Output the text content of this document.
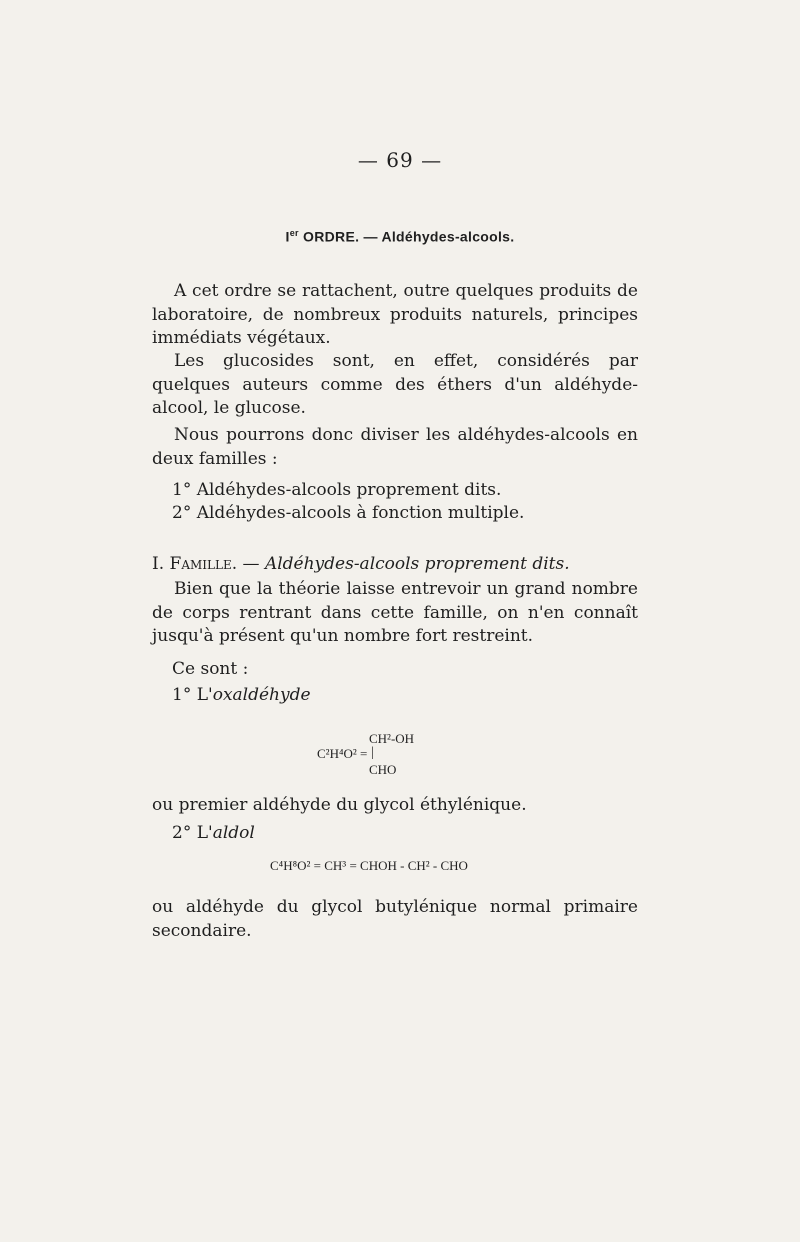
— 69 —
Ier ORDRE. — Aldéhydes-alcools.
A cet ordre se rattachent, outre quelques produits de laboratoire, de nombreux produits naturels, principes immédiats végétaux.
Les glucosides sont, en effet, considérés par quelques auteurs comme des éthers d'un aldéhyde-alcool, le glucose.
Nous pourrons donc diviser les aldéhydes-alcools en deux familles :
1° Aldéhydes-alcools proprement dits.
2° Aldéhydes-alcools à fonction multiple.
I. Famille. — Aldéhydes-alcools proprement dits.
Bien que la théorie laisse entrevoir un grand nombre de corps rentrant dans cette famille, on n'en connaît jusqu'à présent qu'un nombre fort restreint.
Ce sont :
1° L'oxaldéhyde
CH²-OH
C²H⁴O² = |
CHO
ou premier aldéhyde du glycol éthylénique.
2° L'aldol
C⁴H⁸O² = CH³ = CHOH - CH² - CHO
ou aldéhyde du glycol butylénique normal primaire secondaire.
